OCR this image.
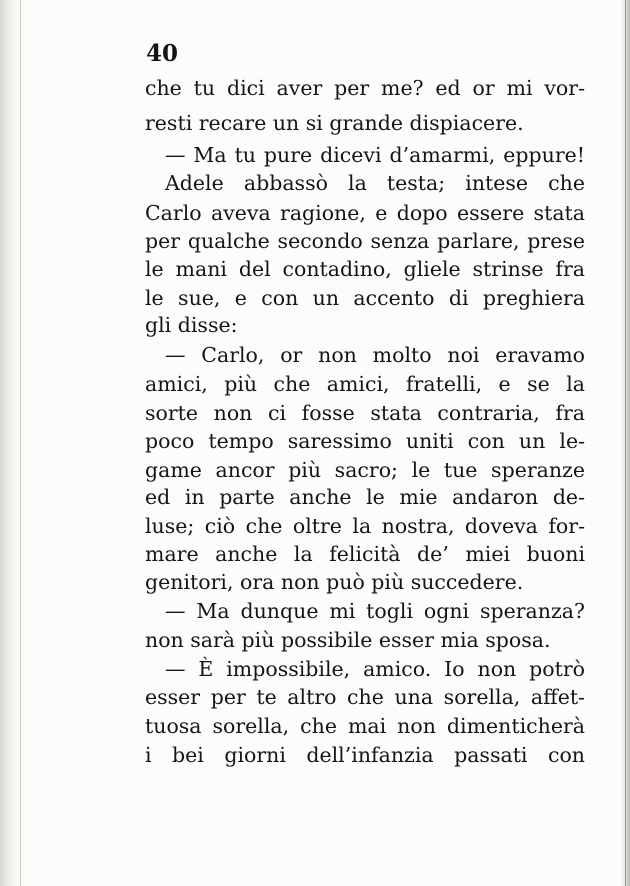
40
che tu dici aver per me? ed or mi vor-
resti recare un si grande dispiacere.
— Ma tu pure dicevi d’amarmi, eppure!
Adele abbassò la testa; intese che
Carlo aveva ragione, e dopo essere stata
per qualche secondo senza parlare, prese
le mani del contadino, gliele strinse fra
le sue, e con un accento di preghiera
gli disse:
— Carlo, or non molto noi eravamo
amici, più che amici, fratelli, e se la
sorte non ci fosse stata contraria, fra
poco tempo saressimo uniti con un le-
game ancor più sacro; le tue speranze
ed in parte anche le mie andaron de-
luse; ciò che oltre la nostra, doveva for-
mare anche la felicità de’ miei buoni
genitori, ora non può più succedere.
— Ma dunque mi togli ogni speranza?
non sarà più possibile esser mia sposa.
— È impossibile, amico. Io non potrò
esser per te altro che una sorella, affet-
tuosa sorella, che mai non dimenticherà
i bei giorni dell’infanzia passati con
